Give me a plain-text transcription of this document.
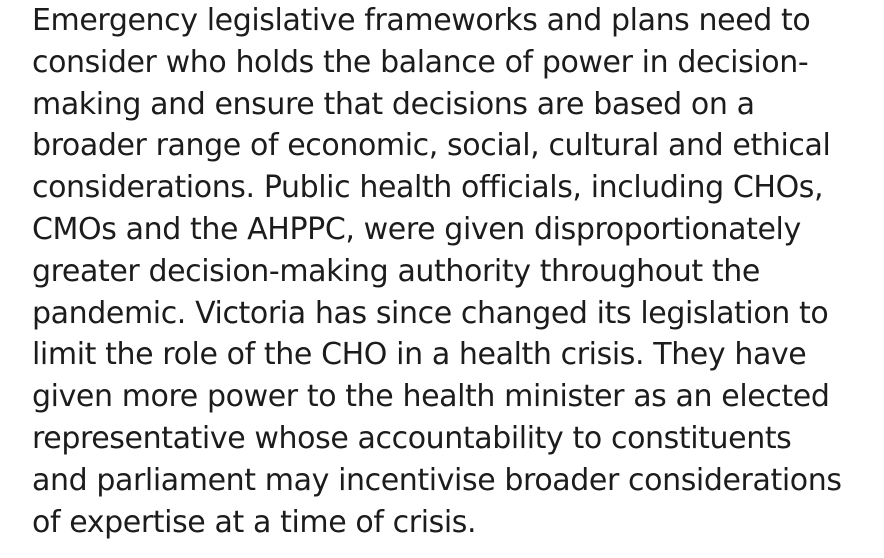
Emergency legislative frameworks and plans need to
consider who holds the balance of power in decision-
making and ensure that decisions are based on a
broader range of economic, social, cultural and ethical
considerations. Public health officials, including CHOs,
CMOs and the AHPPC, were given disproportionately
greater decision-making authority throughout the
pandemic. Victoria has since changed its legislation to
limit the role of the CHO in a health crisis. They have
given more power to the health minister as an elected
representative whose accountability to constituents
and parliament may incentivise broader considerations
of expertise at a time of crisis.
